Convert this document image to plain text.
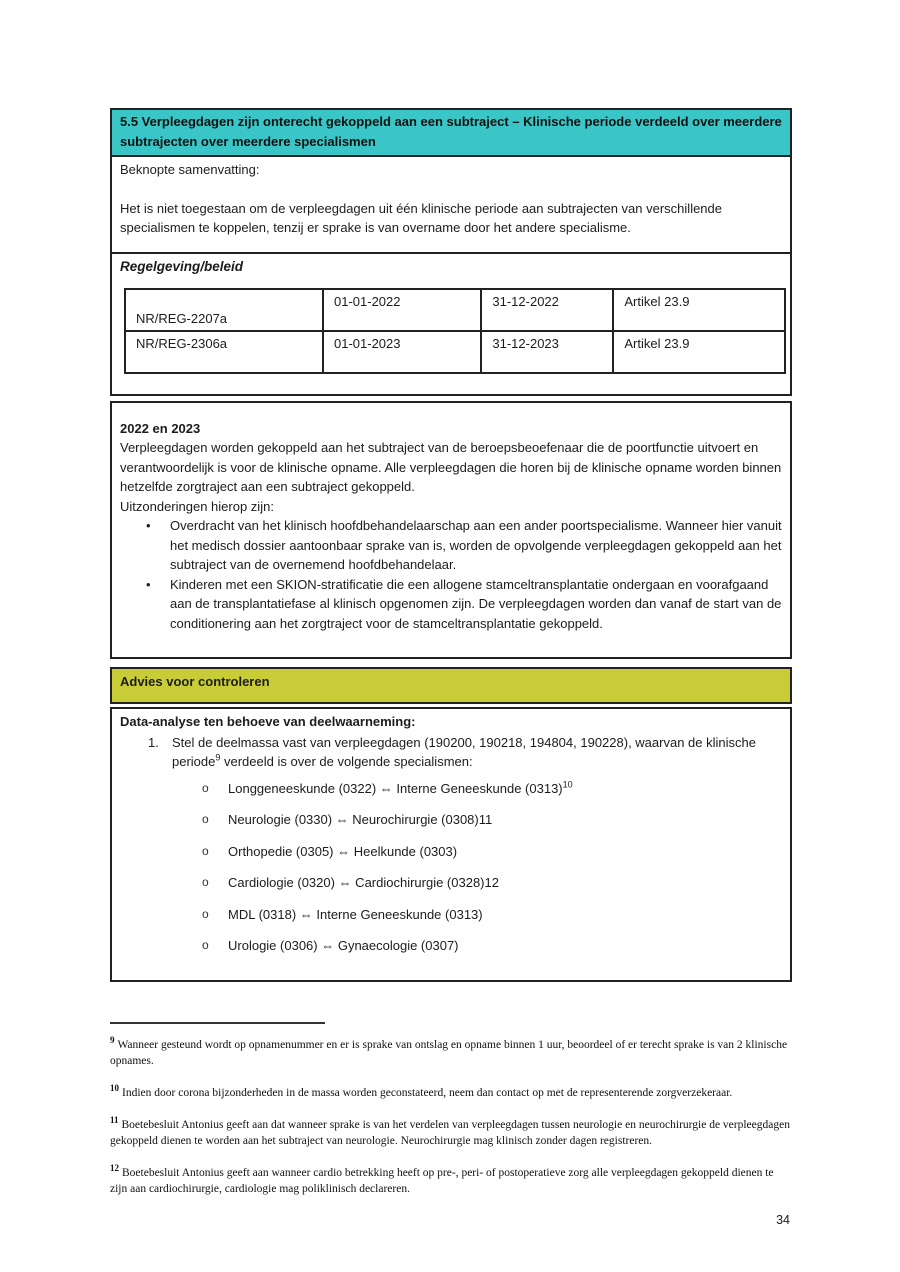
5.5 Verpleegdagen zijn onterecht gekoppeld aan een subtraject – Klinische periode verdeeld over meerdere subtrajecten over meerdere specialismen

Beknopte samenvatting:

Het is niet toegestaan om de verpleegdagen uit één klinische periode aan subtrajecten van verschillende specialismen te koppelen, tenzij er sprake is van overname door het andere specialisme.

Regelgeving/beleid

NR/REG-2207a	01-01-2022	31-12-2022	Artikel 23.9
NR/REG-2306a	01-01-2023	31-12-2023	Artikel 23.9

2022 en 2023

Verpleegdagen worden gekoppeld aan het subtraject van de beroepsbeoefenaar die de poortfunctie uitvoert en verantwoordelijk is voor de klinische opname. Alle verpleegdagen die horen bij de klinische opname worden binnen hetzelfde zorgtraject aan een subtraject gekoppeld.

Uitzonderingen hierop zijn:

• Overdracht van het klinisch hoofdbehandelaarschap aan een ander poortspecialisme. Wanneer hier vanuit het medisch dossier aantoonbaar sprake van is, worden de opvolgende verpleegdagen gekoppeld aan het subtraject van de overnemend hoofdbehandelaar.
• Kinderen met een SKION-stratificatie die een allogene stamceltransplantatie ondergaan en voorafgaand aan de transplantatiefase al klinisch opgenomen zijn. De verpleegdagen worden dan vanaf de start van de conditionering aan het zorgtraject voor de stamceltransplantatie gekoppeld.
Advies voor controleren

Data-analyse ten behoeve van deelwaarneming:

1. Stel de deelmassa vast van verpleegdagen (190200, 190218, 194804, 190228), waarvan de klinische periode$^9$ verdeeld is over de volgende specialismen:
o Longgeneeskunde (0322) ⇔ Interne Geneeskunde $(0313)^{10}$
o Neurologie (0330) ⇔ Neurochirurgie (0308)11
o Orthopedie (0305) ⇔ Heelkunde (0303)
o Cardiologie (0320) ⇔ Cardiochirurgie (0328)12
o MDL (0318) ⇔ Interne Geneeskunde (0313)
o Urologie (0306) ⇔ Gynaecologie (0307)
$^9$ Wanneer gesteund wordt op opnamenummer en er is sprake van ontslag en opname binnen 1 uur, beoordeel of er terecht sprake is van 2 klinische opnames.
$^{10}$ Indien door corona bijzonderheden in de massa worden geconstateerd, neem dan contact op met de representerende zorgverzekeraar.
$^{11}$ Boetebesluit Antonius geeft aan dat wanneer sprake is van het verdelen van verpleegdagen tussen neurologie en neurochirurgie de verpleegdagen gekoppeld dienen te worden aan het subtraject van neurologie. Neurochirurgie mag klinisch zonder dagen registreren.
$^{12}$ Boetebesluit Antonius geeft aan wanneer cardio betrekking heeft op pre-, peri- of postoperatieve zorg alle verpleegdagen gekoppeld dienen te zijn aan cardiochirurgie, cardiologie mag poliklinisch declareren.
34
